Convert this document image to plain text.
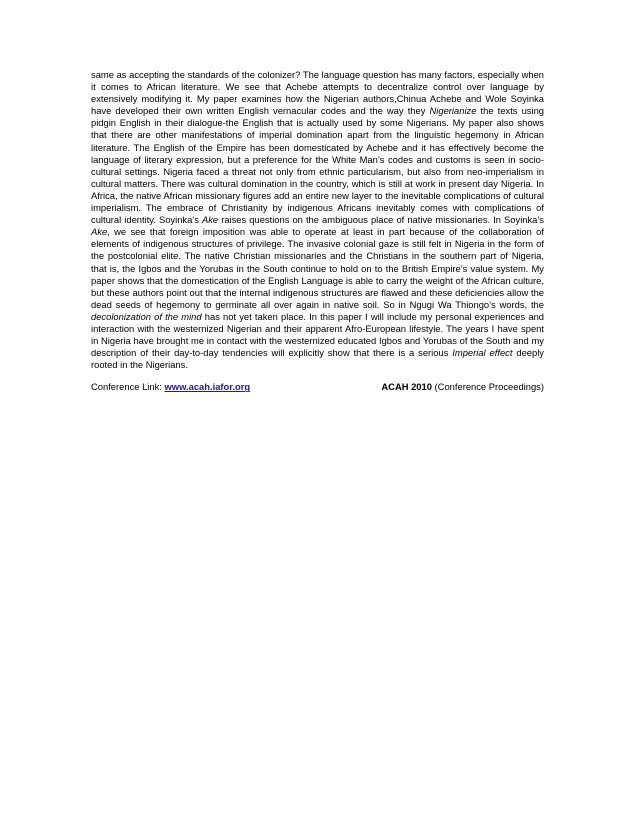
same as accepting the standards of the colonizer? The language question has many factors, especially when it comes to African literature. We see that Achebe attempts to decentralize control over language by extensively modifying it. My paper examines how the Nigerian authors,Chinua Achebe and Wole Soyinka have developed their own written English vernacular codes and the way they Nigerianize the texts using pidgin English in their dialogue-the English that is actually used by some Nigerians. My paper also shows that there are other manifestations of imperial domination apart from the linguistic hegemony in African literature. The English of the Empire has been domesticated by Achebe and it has effectively become the language of literary expression, but a preference for the White Man’s codes and customs is seen in socio-cultural settings. Nigeria faced a threat not only from ethnic particularism, but also from neo-imperialism in cultural matters. There was cultural domination in the country, which is still at work in present day Nigeria. In Africa, the native African missionary figures add an entire new layer to the inevitable complications of cultural imperialism. The embrace of Christianity by indigenous Africans inevitably comes with complications of cultural identity. Soyinka’s Ake raises questions on the ambiguous place of native missionaries. In Soyinka’s Ake, we see that foreign imposition was able to operate at least in part because of the collaboration of elements of indigenous structures of privilege. The invasive colonial gaze is still felt in Nigeria in the form of the postcolonial elite. The native Christian missionaries and the Christians in the southern part of Nigeria, that is, the Igbos and the Yorubas in the South continue to hold on to the British Empire’s value system. My paper shows that the domestication of the English Language is able to carry the weight of the African culture, but these authors point out that the internal indigenous structures are flawed and these deficiencies allow the dead seeds of hegemony to germinate all over again in native soil. So in Ngugi Wa Thiongo’s words, the decolonization of the mind has not yet taken place. In this paper I will include my personal experiences and interaction with the westernized Nigerian and their apparent Afro-European lifestyle. The years I have spent in Nigeria have brought me in contact with the westernized educated Igbos and Yorubas of the South and my description of their day-to-day tendencies will explicitly show that there is a serious Imperial effect deeply rooted in the Nigerians.

Conference Link: www.acah.iafor.org	ACAH 2010 (Conference Proceedings)
